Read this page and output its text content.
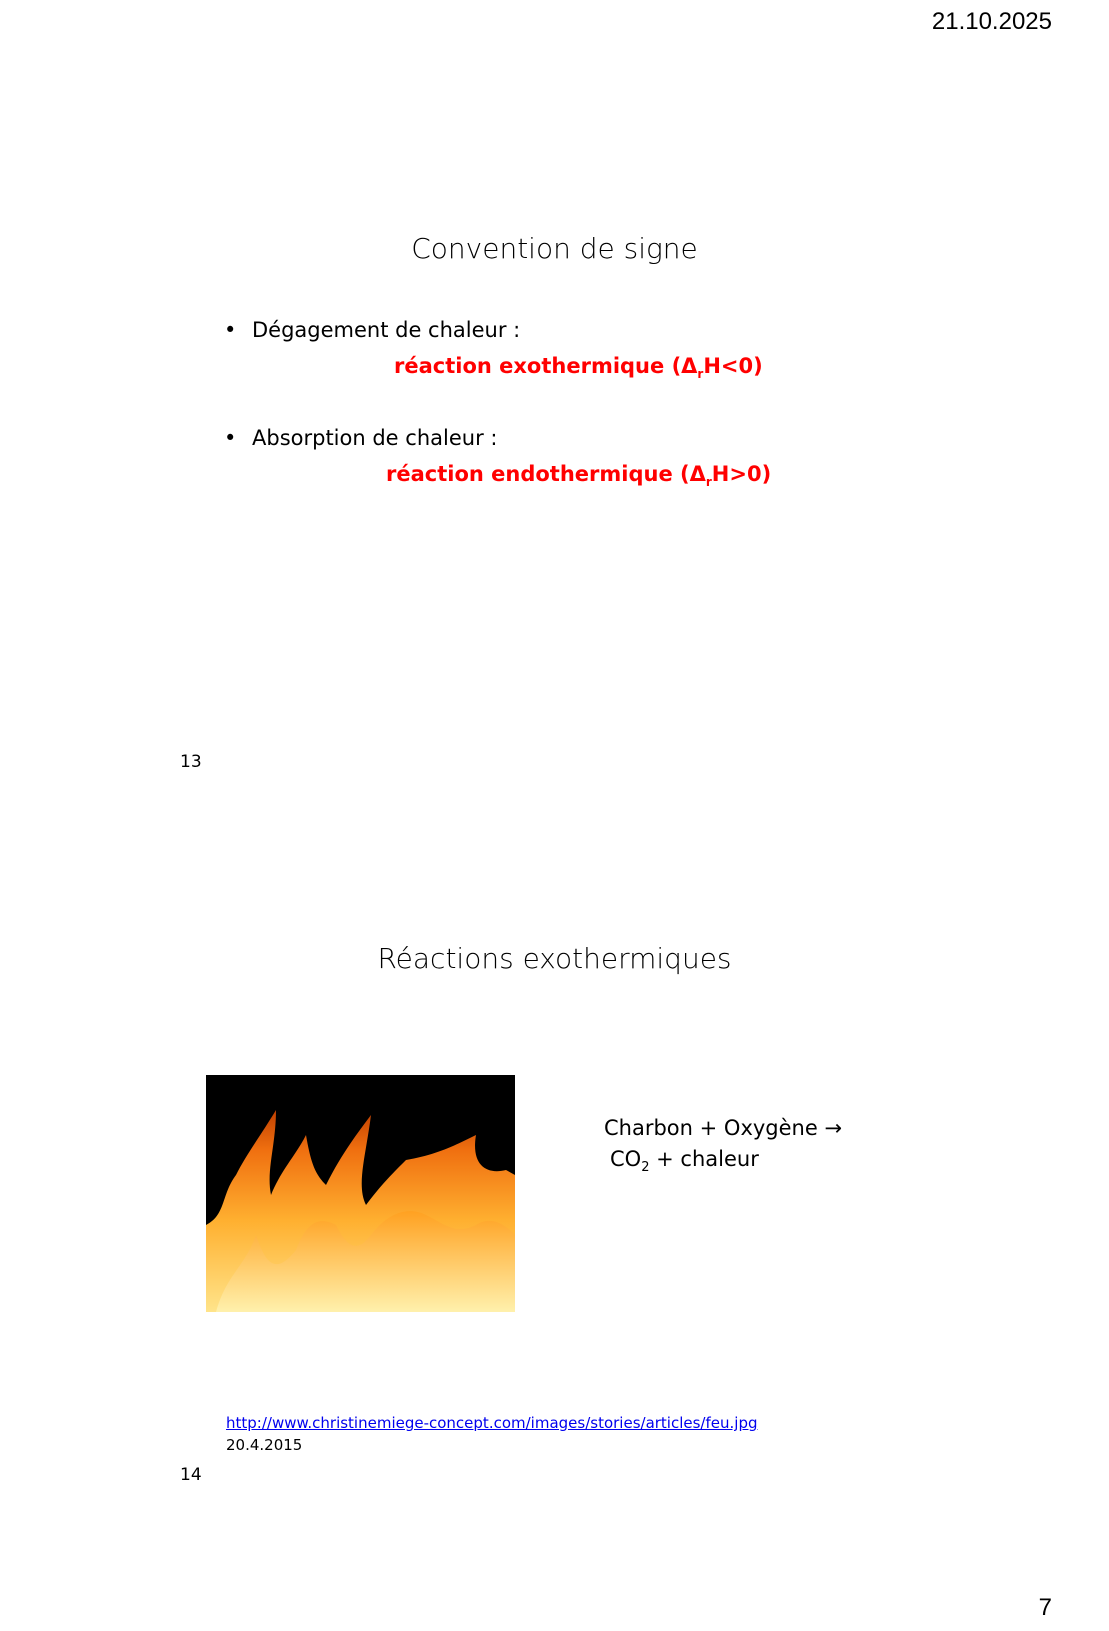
21.10.2025
Convention de signe
• Dégagement de chaleur :
réaction exothermique $(\Delta_rH<0)$
• Absorption de chaleur :
réaction endothermique $(\Delta_rH>0)$
13
Réactions exothermiques
Charbon + Oxygène →
$CO_2$ + chaleur
http://www.christinemiege-concept.com/images/stories/articles/feu.jpg
20.4.2015
14
7
